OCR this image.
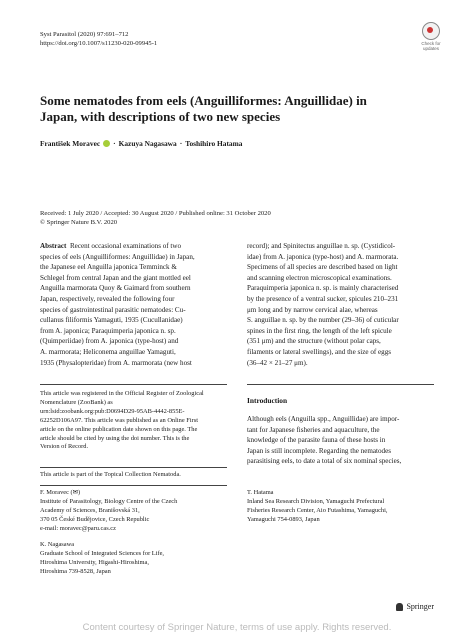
Syst Parasitol (2020) 97:691–712
https://doi.org/10.1007/s11230-020-09945-1	Check for
updates
Some nematodes from eels (Anguilliformes: Anguillidae) in Japan, with descriptions of two new species
František Moravec · Kazuya Nagasawa · Toshihiro Hatama
Received: 1 July 2020 / Accepted: 30 August 2020 / Published online: 31 October 2020
© Springer Nature B.V. 2020
Abstract Recent occasional examinations of two
species of eels (Anguilliformes: Anguillidae) in Japan,
the Japanese eel Anguilla japonica Temminck &
Schlegel from central Japan and the giant mottled eel
Anguilla marmorata Quoy & Gaimard from southern
Japan, respectively, revealed the following four
species of gastrointestinal parasitic nematodes: Cu-
cullanus filiformis Yamaguti, 1935 (Cucullanidae)
from A. japonica; Paraquimperia japonica n. sp.
(Quimperiidae) from A. japonica (type-host) and
A. marmorata; Heliconema anguillae Yamaguti,
1935 (Physalopteridae) from A. marmorata (new host
record); and Spinitectus anguillae n. sp. (Cystidicol-
idae) from A. japonica (type-host) and A. marmorata.
Specimens of all species are described based on light
and scanning electron microscopical examinations.
Paraquimperia japonica n. sp. is mainly characterised
by the presence of a ventral sucker, spicules 210–231
μm long and by narrow cervical alae, whereas
S. anguillae n. sp. by the number (29–36) of cuticular
spines in the first ring, the length of the left spicule
(351 μm) and the structure (without polar caps,
filaments or lateral swellings), and the size of eggs
(36–42 × 21–27 μm).
This article was registered in the Official Register of Zoological
Nomenclature (ZooBank) as
urn:lsid:zoobank.org:pub:D0694D29-95AB-4442-855E-
62252D106A97. This article was published as an Online First
article on the online publication date shown on this page. The
article should be cited by using the doi number. This is the
Version of Record.
This article is part of the Topical Collection Nematoda.
F. Moravec (✉)
Institute of Parasitology, Biology Centre of the Czech
Academy of Sciences, Branišovská 31,
370 05 České Budějovice, Czech Republic
e-mail: moravec@paru.cas.cz
K. Nagasawa
Graduate School of Integrated Sciences for Life,
Hiroshima University, Higashi-Hiroshima,
Hiroshima 739-8528, Japan
Introduction
Although eels (Anguilla spp., Anguillidae) are impor-
tant for Japanese fisheries and aquaculture, the
knowledge of the parasite fauna of these hosts in
Japan is still incomplete. Regarding the nematodes
parasitising eels, to date a total of six nominal species,
T. Hatama
Inland Sea Research Division, Yamaguchi Prefectural
Fisheries Research Center, Aio Futashima, Yamaguchi,
Yamaguchi 754-0893, Japan
Springer
Content courtesy of Springer Nature, terms of use apply. Rights reserved.
